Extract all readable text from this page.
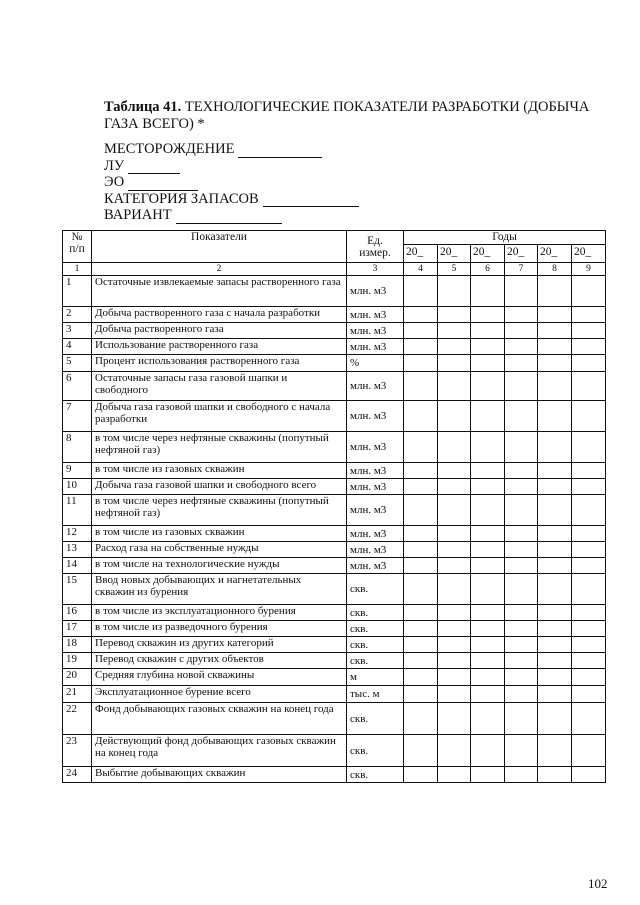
Таблица 41. ТЕХНОЛОГИЧЕСКИЕ ПОКАЗАТЕЛИ РАЗРАБОТКИ (ДОБЫЧА ГАЗА ВСЕГО) *
МЕСТОРОЖДЕНИЕ
ЛУ
ЭО
КАТЕГОРИЯ ЗАПАСОВ
ВАРИАНТ
№ п/п	Показатели	Ед. измер.	Годы					
			20_	20_	20_	20_	20_	20_
1	2	3	4	5	6	7	8	9
1	Остаточные извлекаемые запасы растворенного газа	млн. м3						
2	Добыча растворенного газа с начала разработки	млн. м3						
3	Добыча растворенного газа	млн. м3						
4	Использование растворенного газа	млн. м3						
5	Процент использования растворенного газа	%						
6	Остаточные запасы газа газовой шапки и свободного	млн. м3						
7	Добыча газа газовой шапки и свободного с начала разработки	млн. м3						
8	в том числе через нефтяные скважины (попутный нефтяной газ)	млн. м3						
9	в том числе из газовых скважин	млн. м3						
10	Добыча газа газовой шапки и свободного всего	млн. м3						
11	в том числе через нефтяные скважины (попутный нефтяной газ)	млн. м3						
12	в том числе из газовых скважин	млн. м3						
13	Расход газа на собственные нужды	млн. м3						
14	в том числе на технологические нужды	млн. м3						
15	Ввод новых добывающих и нагнетательных скважин из бурения	скв.						
16	в том числе из эксплуатационного бурения	скв.						
17	в том числе из разведочного бурения	скв.						
18	Перевод скважин из других категорий	скв.						
19	Перевод скважин с других объектов	скв.						
20	Средняя глубина новой скважины	м						
21	Эксплуатационное бурение всего	тыс. м						
22	Фонд добывающих газовых скважин на конец года	скв.						
23	Действующий фонд добывающих газовых скважин на конец года	скв.						
24	Выбытие добывающих скважин	скв.						
102
